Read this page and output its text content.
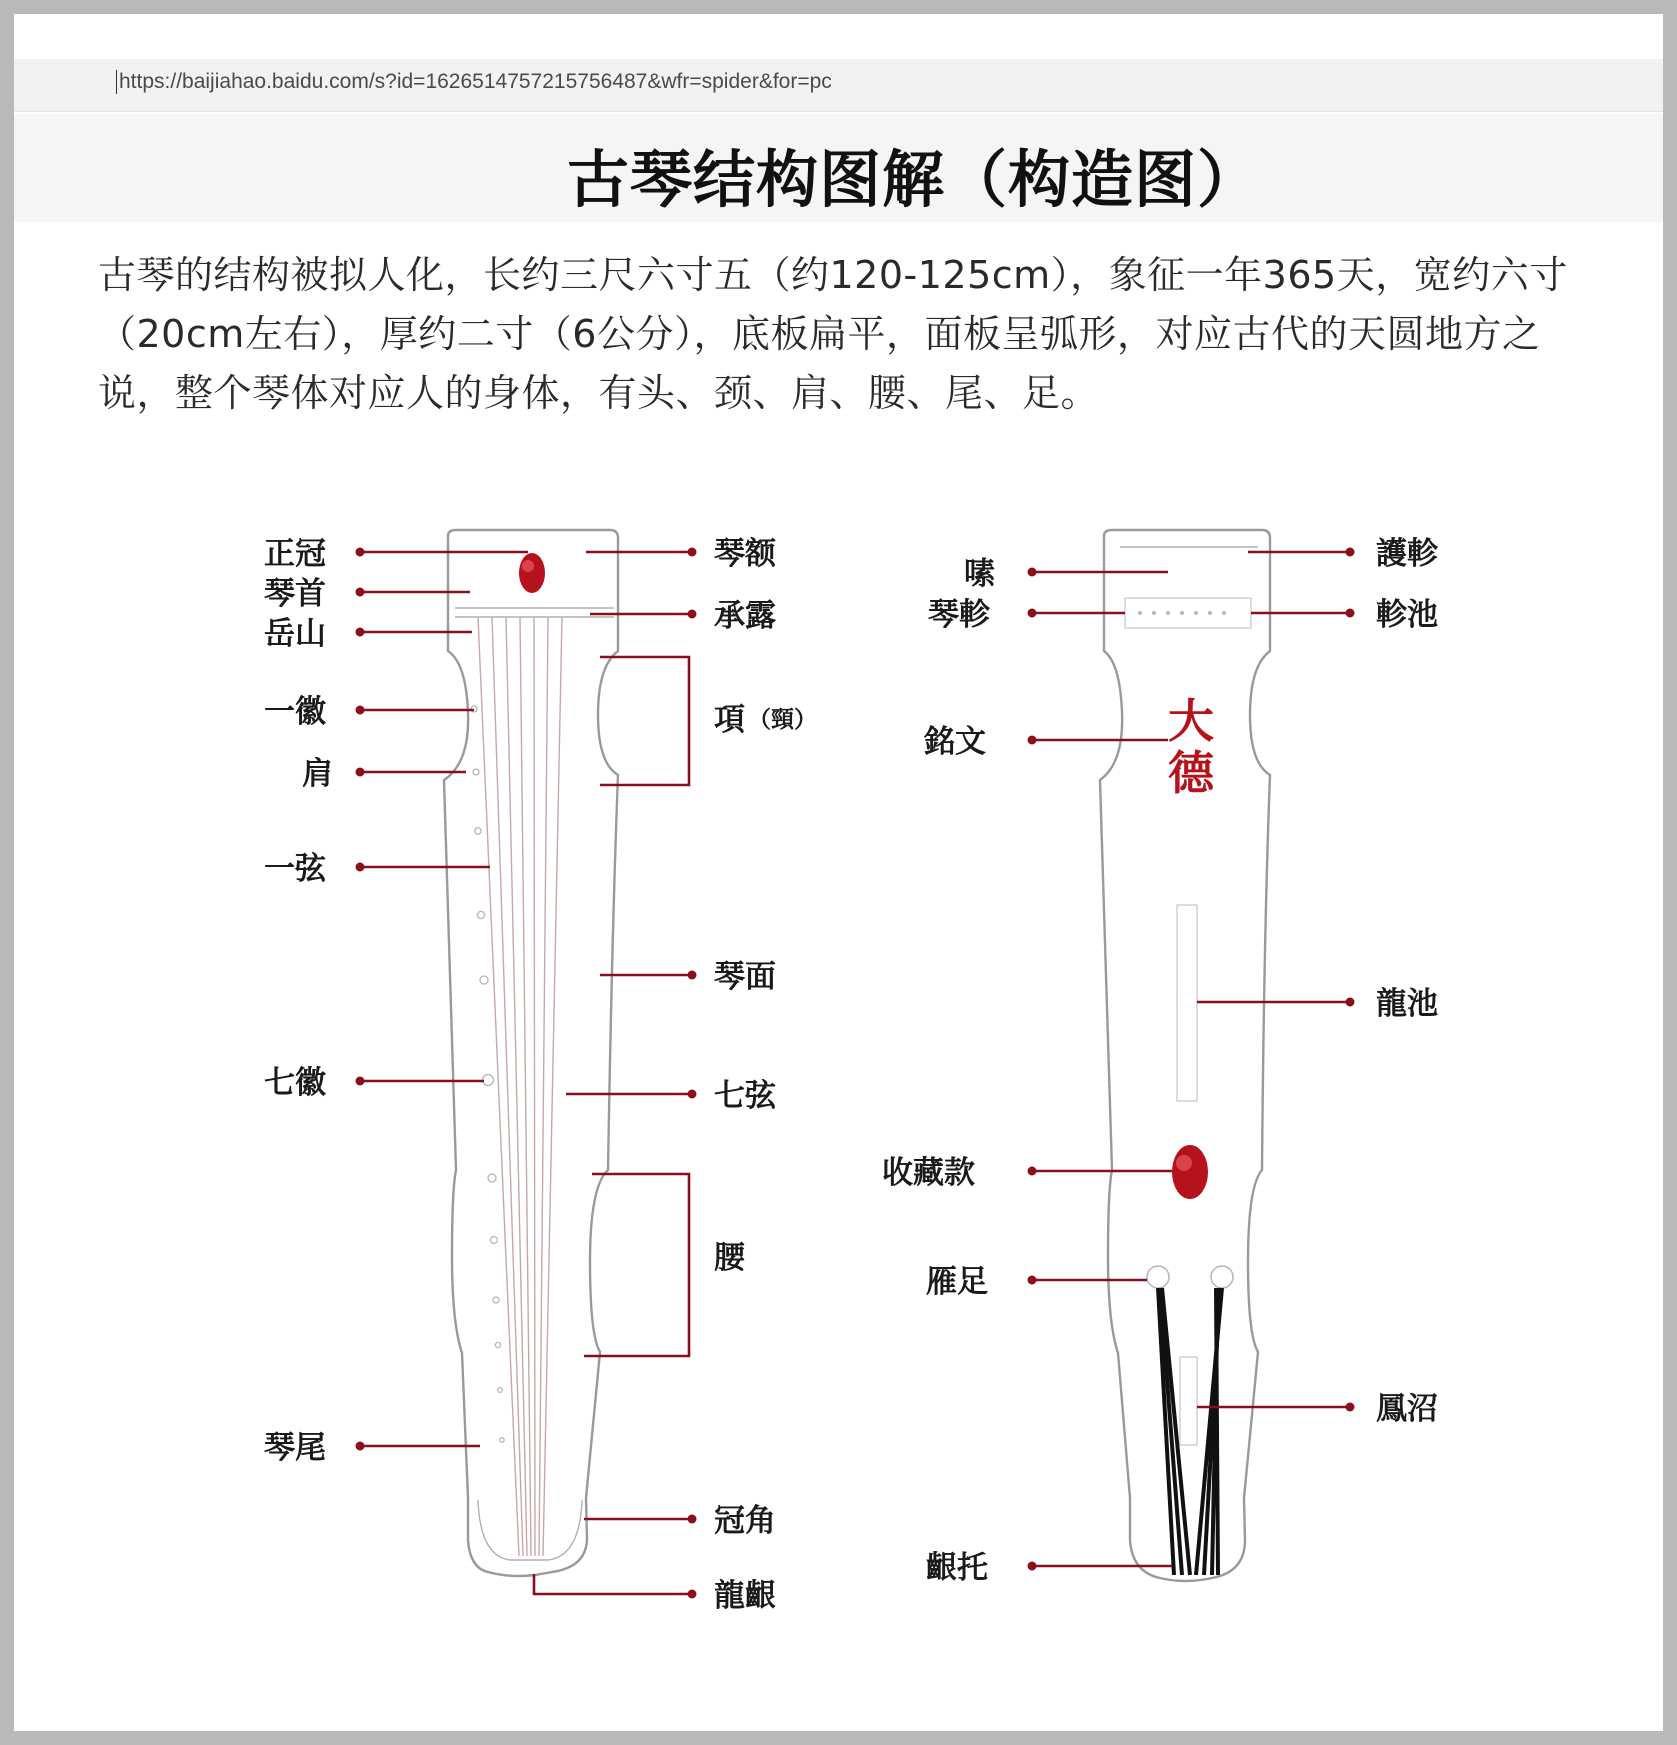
https://baijiahao.baidu.com/s?id=1626514757215756487&wfr=spider&for=pc
古琴结构图解（构造图）
古琴的结构被拟人化，长约三尺六寸五（约120-125cm），象征一年365天，宽约六寸（20cm左右），厚约二寸（6公分），底板扁平，面板呈弧形，对应古代的天圆地方之说，整个琴体对应人的身体，有头、颈、肩、腰、尾、足。
正冠
琴首
岳山
一徽
肩
一弦
七徽
琴尾
琴额
承露
項 （頸）
琴面
七弦
腰
冠角
龍齦
大
德
嗉
琴軫
銘文
收藏款
雁足
齦托
護軫
軫池
龍池
鳳沼
